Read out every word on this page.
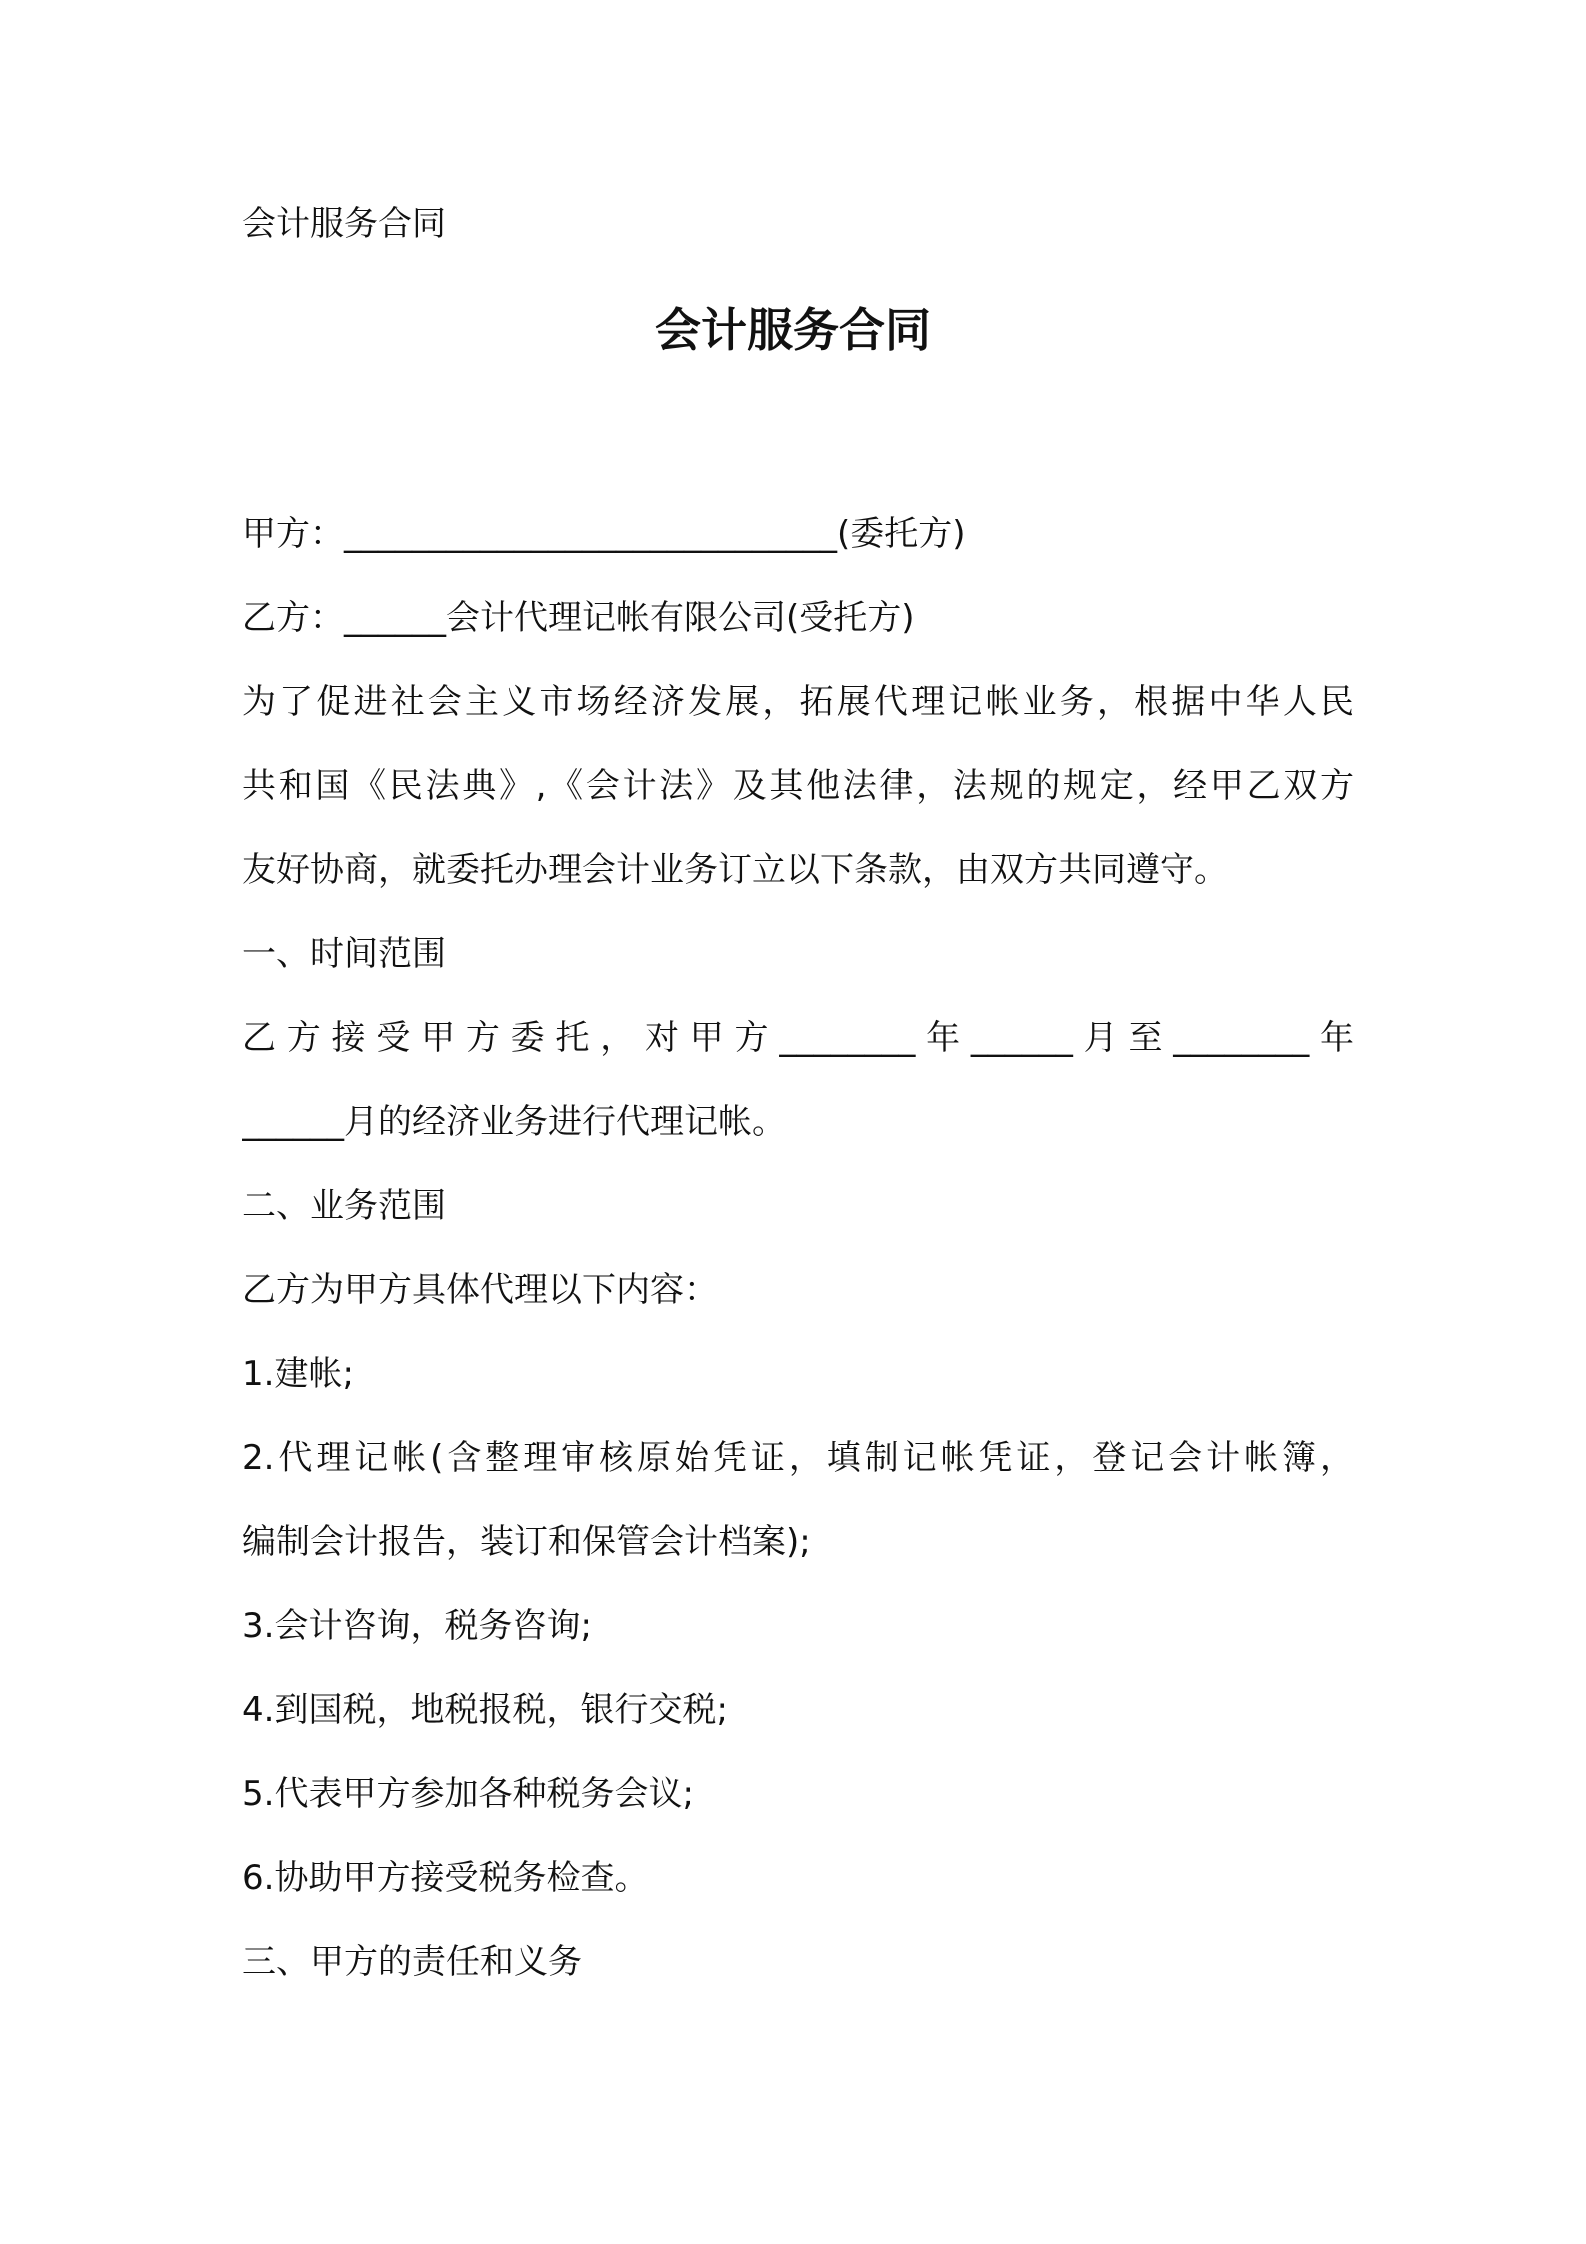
会计服务合同
会计服务合同
甲方：_____________________________(委托方)
乙方：______会计代理记帐有限公司(受托方)
为了促进社会主义市场经济发展，拓展代理记帐业务，根据中华人民
共和国《民法典》,《会计法》及其他法律，法规的规定，经甲乙双方
友好协商，就委托办理会计业务订立以下条款，由双方共同遵守。
一、时间范围
乙方接受甲方委托，对甲方________年______月至________年
______月的经济业务进行代理记帐。
二、业务范围
乙方为甲方具体代理以下内容：
1.建帐;
2.代理记帐(含整理审核原始凭证，填制记帐凭证，登记会计帐簿，
编制会计报告，装订和保管会计档案);
3.会计咨询，税务咨询;
4.到国税，地税报税，银行交税;
5.代表甲方参加各种税务会议;
6.协助甲方接受税务检查。
三、甲方的责任和义务
